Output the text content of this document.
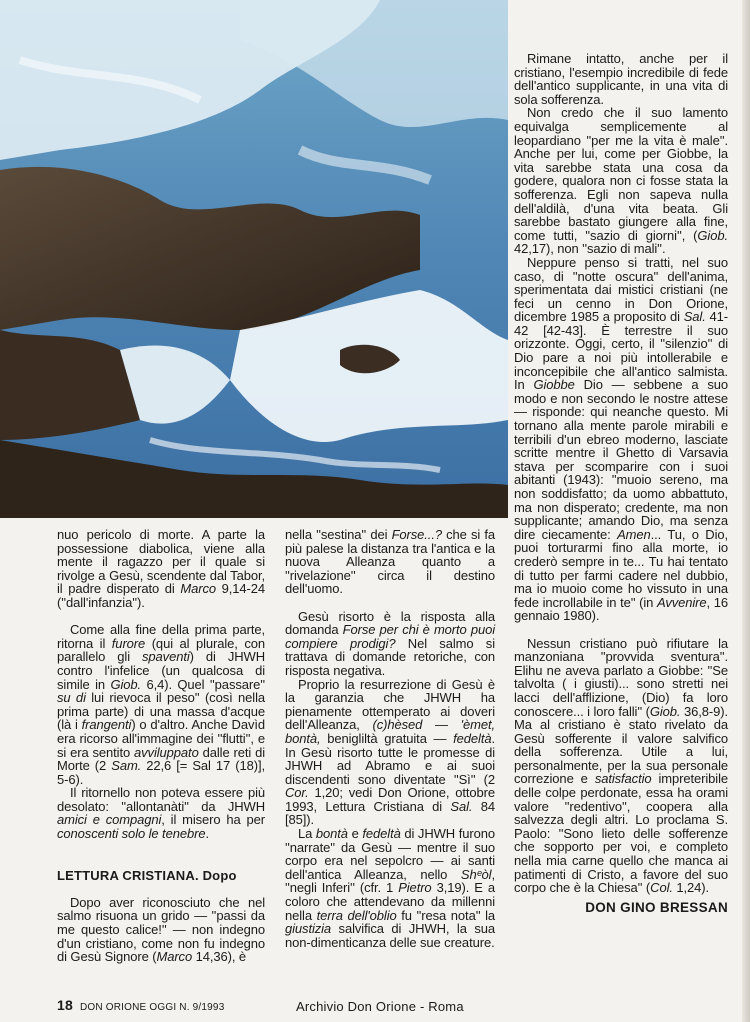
nuo pericolo di morte. A parte la possessione diabolica, viene alla mente il ragazzo per il quale si rivolge a Gesù, scendente dal Tabor, il padre disperato di Marco 9,14-24 (''dall'infanzia'').

Come alla fine della prima parte, ritorna il furore (qui al plurale, con parallelo gli spaventi) di JHWH contro l'infelice (un qualcosa di simile in Giob. 6,4). Quel ''passare'' su di lui rievoca il peso'' (così nella prima parte) di una massa d'acque (là i frangenti) o d'altro. Anche Davìd era ricorso all'immagine dei ''flutti'', e si era sentito avviluppato dalle reti di Morte (2 Sam. 22,6 [= Sal 17 (18)], 5-6).

Il ritornello non poteva essere più desolato: ''allontanàti'' da JHWH amici e compagni, il misero ha per conoscenti solo le tenebre.

LETTURA CRISTIANA. Dopo

Dopo aver riconosciuto che nel salmo risuona un grido — ''passi da me questo calice!'' — non indegno d'un cristiano, come non fu indegno di Gesù Signore (Marco 14,36), è

nella ''sestina'' dei Forse...? che si fa più palese la distanza tra l'antica e la nuova Alleanza quanto a ''rivelazione'' circa il destino dell'uomo.

Gesù risorto è la risposta alla domanda Forse per chi è morto puoi compiere prodigi? Nel salmo si trattava di domande retoriche, con risposta negativa.

Proprio la resurrezione di Gesù è la garanzia che JHWH ha pienamente ottemperato ai doveri dell'Alleanza, (c)hèsed — 'èmet, bontà, benigliltà gratuita — fedeltà. In Gesù risorto tutte le promesse di JHWH ad Abramo e ai suoi discendenti sono diventate ''Sì'' (2 Cor. 1,20; vedi Don Orione, ottobre 1993, Lettura Cristiana di Sal. 84 [85]).

La bontà e fedeltà di JHWH furono ''narrate'' da Gesù — mentre il suo corpo era nel sepolcro — ai santi dell'antica Alleanza, nello Shᵉòl, ''negli Inferi'' (cfr. 1 Pietro 3,19). E a coloro che attendevano da millenni nella terra dell'oblio fu ''resa nota'' la giustizia salvifica di JHWH, la sua non-dimenticanza delle sue creature.

Rimane intatto, anche per il cristiano, l'esempio incredibile di fede dell'antico supplicante, in una vita di sola sofferenza.

Non credo che il suo lamento equivalga semplicemente al leopardiano ''per me la vita è male''. Anche per lui, come per Giobbe, la vita sarebbe stata una cosa da godere, qualora non ci fosse stata la sofferenza. Egli non sapeva nulla dell'aldilà, d'una vita beata. Gli sarebbe bastato giungere alla fine, come tutti, ''sazio di giorni'', (Giob. 42,17), non ''sazio di mali''.

Neppure penso si tratti, nel suo caso, di ''notte oscura'' dell'anima, sperimentata dai mistici cristiani (ne feci un cenno in Don Orione, dicembre 1985 a proposito di Sal. 41-42 [42-43]. È terrestre il suo orizzonte. Oggi, certo, il ''silenzio'' di Dio pare a noi più intollerabile e inconcepibile che all'antico salmista. In Giobbe Dio — sebbene a suo modo e non secondo le nostre attese — risponde: qui neanche questo. Mi tornano alla mente parole mirabili e terribili d'un ebreo moderno, lasciate scritte mentre il Ghetto di Varsavia stava per scomparire con i suoi abitanti (1943): ''muoio sereno, ma non soddisfatto; da uomo abbattuto, ma non disperato; credente, ma non supplicante; amando Dio, ma senza dire ciecamente: Amen... Tu, o Dio, puoi torturarmi fino alla morte, io crederò sempre in te... Tu hai tentato di tutto per farmi cadere nel dubbio, ma io muoio come ho vissuto in una fede incrollabile in te'' (in Avvenire, 16 gennaio 1980).

Nessun cristiano può rifiutare la manzoniana ''provvida sventura''. Elihu ne aveva parlato a Giobbe: ''Se talvolta ( i giusti)... sono stretti nei lacci dell'afflizione, (Dio) fa loro conoscere... i loro falli'' (Giob. 36,8-9). Ma al cristiano è stato rivelato da Gesù sofferente il valore salvifico della sofferenza. Utile a lui, personalmente, per la sua personale correzione e satisfactio impreteribile delle colpe perdonate, essa ha orami valore ''redentivo'', cooperа alla salvezza degli altri. Lo proclama S. Paolo: ''Sono lieto delle sofferenze che sopporto per voi, e completo nella mia carne quello che manca ai patimenti di Cristo, a favore del suo corpo che è la Chiesa'' (Col. 1,24).

DON GINO BRESSAN
18 DON ORIONE OGGI N. 9/1993	Archivio Don Orione - Roma
